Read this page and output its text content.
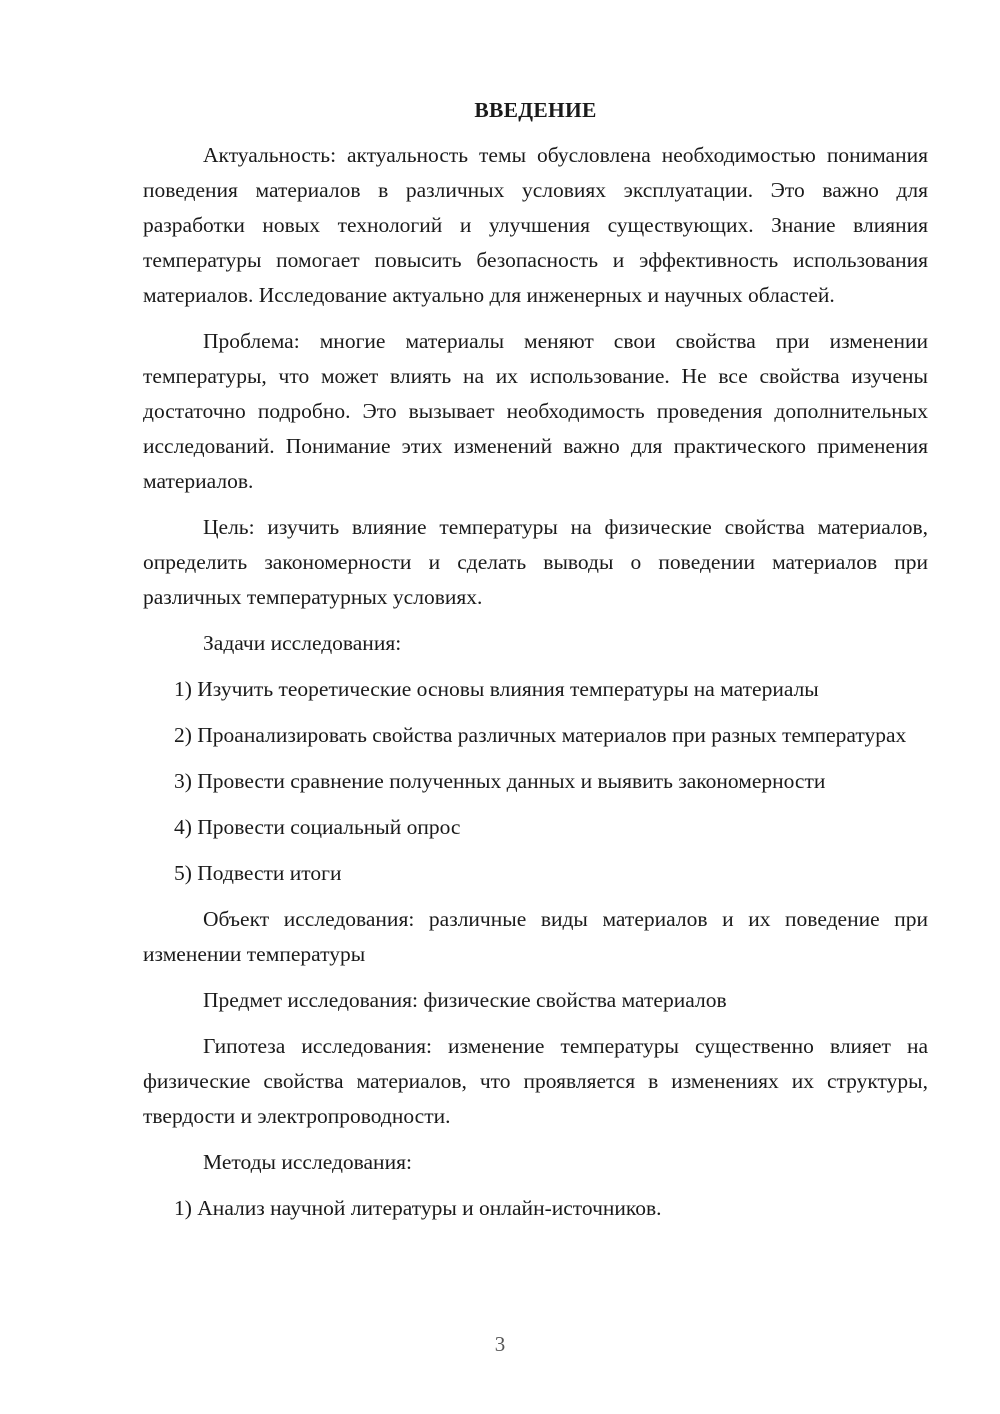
ВВЕДЕНИЕ

Актуальность: актуальность темы обусловлена необходимостью понимания поведения материалов в различных условиях эксплуатации. Это важно для разработки новых технологий и улучшения существующих. Знание влияния температуры помогает повысить безопасность и эффективность использования материалов. Исследование актуально для инженерных и научных областей.

Проблема: многие материалы меняют свои свойства при изменении температуры, что может влиять на их использование. Не все свойства изучены достаточно подробно. Это вызывает необходимость проведения дополнительных исследований. Понимание этих изменений важно для практического применения материалов.

Цель: изучить влияние температуры на физические свойства материалов, определить закономерности и сделать выводы о поведении материалов при различных температурных условиях.

Задачи исследования:

1) Изучить теоретические основы влияния температуры на материалы

2) Проанализировать свойства различных материалов при разных температурах

3) Провести сравнение полученных данных и выявить закономерности

4) Провести социальный опрос

5) Подвести итоги

Объект исследования: различные виды материалов и их поведение при изменении температуры

Предмет исследования: физические свойства материалов

Гипотеза исследования: изменение температуры существенно влияет на физические свойства материалов, что проявляется в изменениях их структуры, твердости и электропроводности.

Методы исследования:

1) Анализ научной литературы и онлайн-источников.

3
